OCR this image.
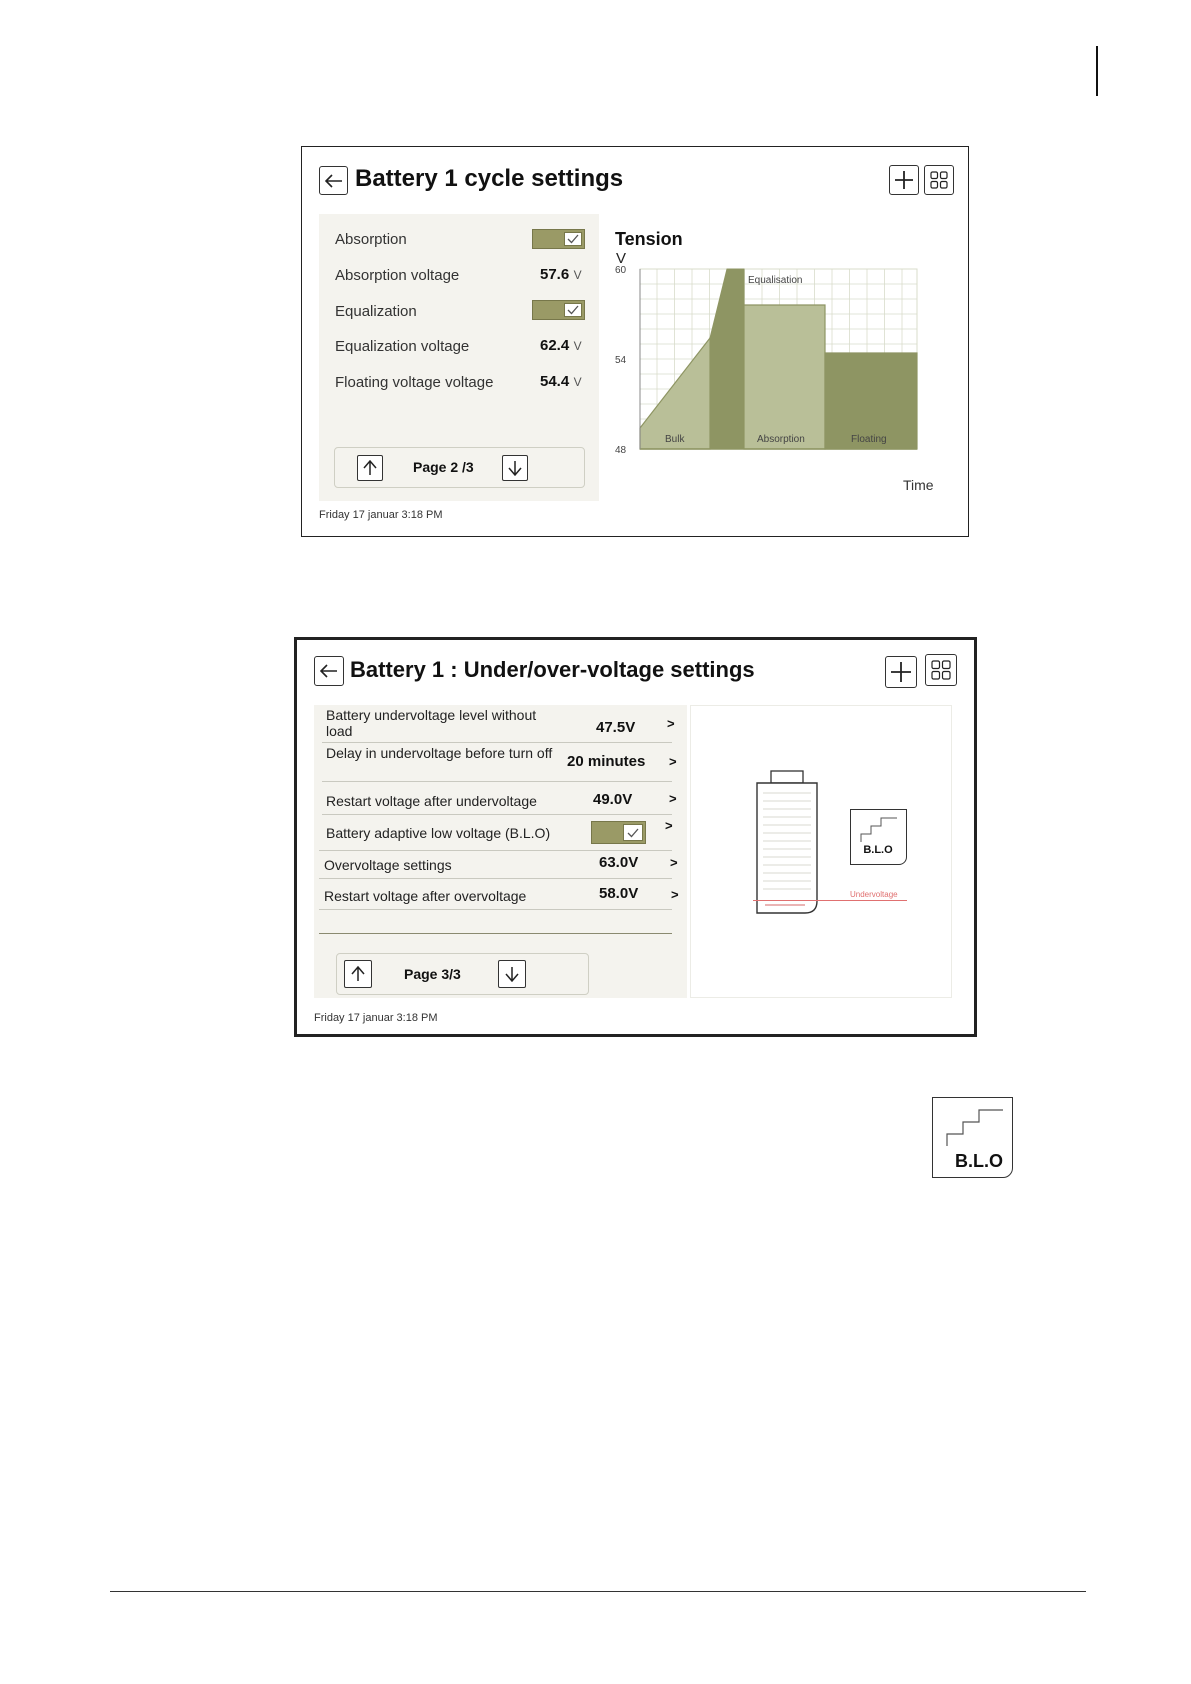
Battery 1 cycle settings
Absorption
Absorption voltage	57.6 V
Equalization
Equalization voltage	62.4 V
Floating voltage voltage	54.4 V
Page 2 /3
Tension
V
Time
48
54
60
Bulk
Equalisation
Absorption	Floating
Friday 17 januar 3:18 PM
Battery 1 : Under/over-voltage settings
Battery undervoltage level without load	47.5V >
Delay in undervoltage before turn off 20 minutes >
Restart voltage after undervoltage	49.0V	>
Battery adaptive low voltage (B.L.O)	>
Overvoltage settings	63.0V >
Restart voltage after overvoltage	58.0V	>
Page 3/3
Undervoltage
B.L.O
Friday 17 januar 3:18 PM
B.L.O
